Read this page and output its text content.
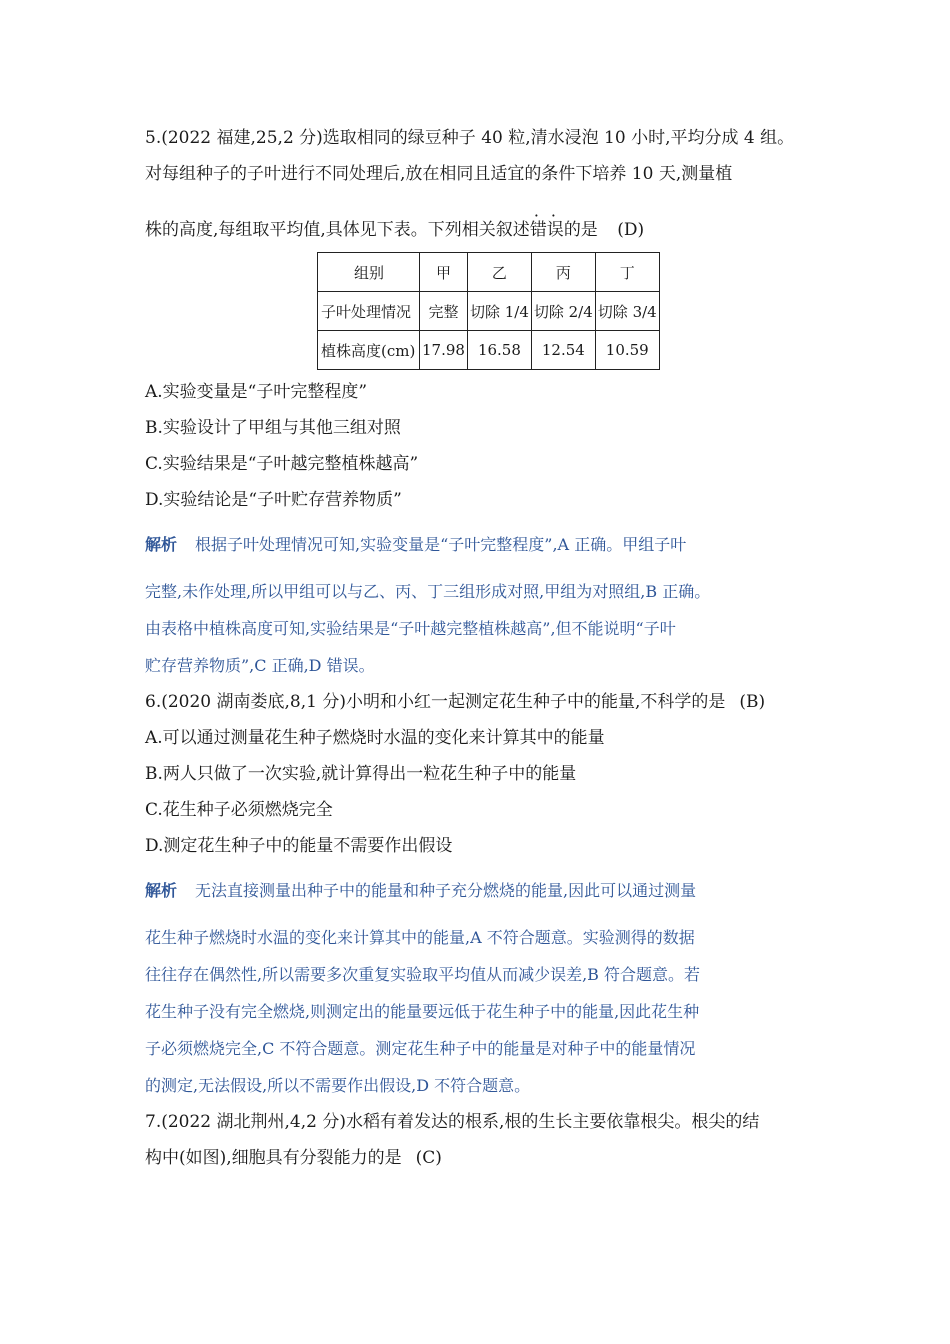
5.(2022 福建,25,2 分)选取相同的绿豆种子 40 粒,清水浸泡 10 小时,平均分成 4 组。
对每组种子的子叶进行不同处理后,放在相同且适宜的条件下培养 10 天,测量植
株的高度,每组取平均值,具体见下表。下列相关叙述
· ·
错误的是 (D)
组别	甲	乙	丙	丁
子叶处理情况	完整	切除 1/4	切除 2/4	切除 3/4
植株高度(cm)	17.98	16.58	12.54	10.59
A.实验变量是“子叶完整程度”
B.实验设计了甲组与其他三组对照
C.实验结果是“子叶越完整植株越高”
D.实验结论是“子叶贮存营养物质”
解析 根据子叶处理情况可知,实验变量是“子叶完整程度”,A 正确。甲组子叶
完整,未作处理,所以甲组可以与乙、丙、丁三组形成对照,甲组为对照组,B 正确。
由表格中植株高度可知,实验结果是“子叶越完整植株越高”,但不能说明“子叶
贮存营养物质”,C 正确,D 错误。
6.(2020 湖南娄底,8,1 分)小明和小红一起测定花生种子中的能量,不科学的是 (B)
A.可以通过测量花生种子燃烧时水温的变化来计算其中的能量
B.两人只做了一次实验,就计算得出一粒花生种子中的能量
C.花生种子必须燃烧完全
D.测定花生种子中的能量不需要作出假设
解析 无法直接测量出种子中的能量和种子充分燃烧的能量,因此可以通过测量
花生种子燃烧时水温的变化来计算其中的能量,A 不符合题意。实验测得的数据
往往存在偶然性,所以需要多次重复实验取平均值从而减少误差,B 符合题意。若
花生种子没有完全燃烧,则测定出的能量要远低于花生种子中的能量,因此花生种
子必须燃烧完全,C 不符合题意。测定花生种子中的能量是对种子中的能量情况
的测定,无法假设,所以不需要作出假设,D 不符合题意。
7.(2022 湖北荆州,4,2 分)水稻有着发达的根系,根的生长主要依靠根尖。根尖的结
构中(如图),细胞具有分裂能力的是 (C)
